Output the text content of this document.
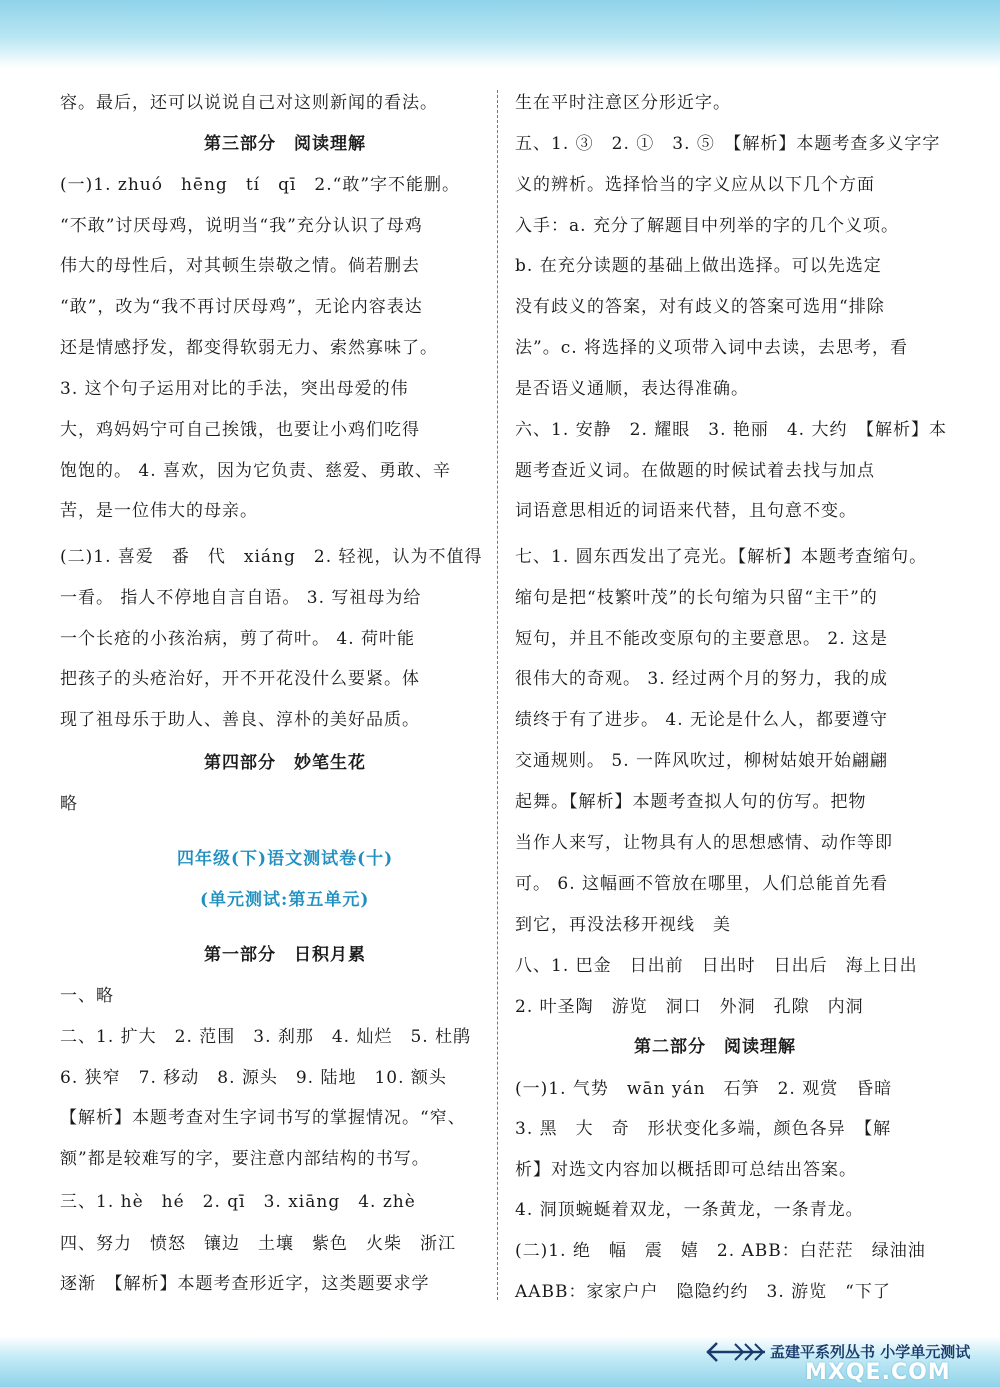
容。最后，还可以说说自己对这则新闻的看法。
第三部分　阅读理解
(一)1. zhuó　hēng　tí　qī　2.“敢”字不能删。
“不敢”讨厌母鸡，说明当“我”充分认识了母鸡
伟大的母性后，对其顿生崇敬之情。倘若删去
“敢”，改为“我不再讨厌母鸡”，无论内容表达
还是情感抒发，都变得软弱无力、索然寡味了。
3. 这个句子运用对比的手法，突出母爱的伟
大，鸡妈妈宁可自己挨饿，也要让小鸡们吃得
饱饱的。 4. 喜欢，因为它负责、慈爱、勇敢、辛
苦，是一位伟大的母亲。
(二)1. 喜爱　番　代　xiáng　2. 轻视，认为不值得
一看。 指人不停地自言自语。 3. 写祖母为给
一个长疮的小孩治病，剪了荷叶。 4. 荷叶能
把孩子的头疮治好，开不开花没什么要紧。体
现了祖母乐于助人、善良、淳朴的美好品质。
第四部分　妙笔生花
略
四年级(下)语文测试卷(十)
(单元测试:第五单元)
第一部分　日积月累
一、略
二、1. 扩大　2. 范围　3. 刹那　4. 灿烂　5. 杜鹃
6. 狭窄　7. 移动　8. 源头　9. 陆地　10. 额头
【解析】本题考查对生字词书写的掌握情况。“窄、
额”都是较难写的字，要注意内部结构的书写。
三、1. hè　hé　2. qī　3. xiāng　4. zhè
四、努力　愤怒　镶边　土壤　紫色　火柴　浙江
逐渐　【解析】本题考查形近字，这类题要求学
生在平时注意区分形近字。
五、1. ③　2. ①　3. ⑤　【解析】本题考查多义字字
义的辨析。选择恰当的字义应从以下几个方面
入手：a. 充分了解题目中列举的字的几个义项。
b. 在充分读题的基础上做出选择。可以先选定
没有歧义的答案，对有歧义的答案可选用“排除
法”。c. 将选择的义项带入词中去读，去思考，看
是否语义通顺，表达得准确。
六、1. 安静　2. 耀眼　3. 艳丽　4. 大约　【解析】本
题考查近义词。在做题的时候试着去找与加点
词语意思相近的词语来代替，且句意不变。
七、1. 圆东西发出了亮光。【解析】本题考查缩句。
缩句是把“枝繁叶茂”的长句缩为只留“主干”的
短句，并且不能改变原句的主要意思。 2. 这是
很伟大的奇观。 3. 经过两个月的努力，我的成
绩终于有了进步。 4. 无论是什么人，都要遵守
交通规则。 5. 一阵风吹过，柳树姑娘开始翩翩
起舞。【解析】本题考查拟人句的仿写。把物
当作人来写，让物具有人的思想感情、动作等即
可。 6. 这幅画不管放在哪里，人们总能首先看
到它，再没法移开视线　美
八、1. 巴金　日出前　日出时　日出后　海上日出
2. 叶圣陶　游览　洞口　外洞　孔隙　内洞
第二部分　阅读理解
(一)1. 气势　wān yán　石笋　2. 观赏　昏暗
3. 黑　大　奇　形状变化多端，颜色各异　【解
析】对选文内容加以概括即可总结出答案。
4. 洞顶蜿蜒着双龙，一条黄龙，一条青龙。
(二)1. 绝　幅　震　嬉　2. ABB：白茫茫　绿油油
AABB：家家户户　隐隐约约　3. 游览　“下了
孟建平系列丛书 小学单元测试
MXQE.COM
